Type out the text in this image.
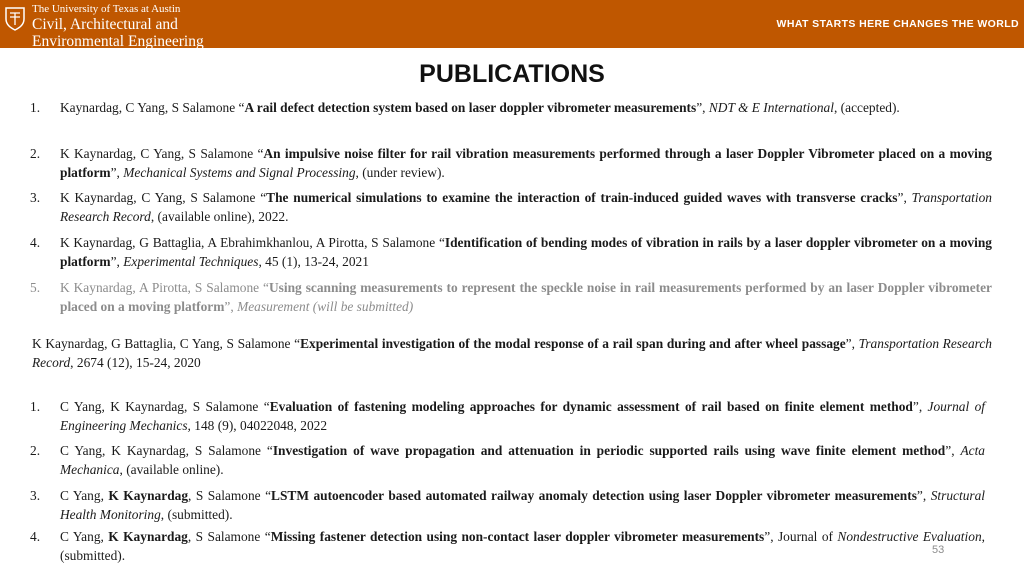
The University of Texas at Austin
Civil, Architectural and
Environmental Engineering
WHAT STARTS HERE CHANGES THE WORLD
PUBLICATIONS
1. Kaynardag, C Yang, S Salamone “A rail defect detection system based on laser doppler vibrometer measurements”, NDT & E International, (accepted).
2. K Kaynardag, C Yang, S Salamone “An impulsive noise filter for rail vibration measurements performed through a laser Doppler Vibrometer placed on a moving platform”, Mechanical Systems and Signal Processing, (under review).
3. K Kaynardag, C Yang, S Salamone “The numerical simulations to examine the interaction of train-induced guided waves with transverse cracks”, Transportation Research Record, (available online), 2022.
4. K Kaynardag, G Battaglia, A Ebrahimkhanlou, A Pirotta, S Salamone “Identification of bending modes of vibration in rails by a laser doppler vibrometer on a moving platform”, Experimental Techniques, 45 (1), 13-24, 2021
5. K Kaynardag, A Pirotta, S Salamone “Using scanning measurements to represent the speckle noise in rail measurements performed by an laser Doppler vibrometer placed on a moving platform”, Measurement (will be submitted)
K Kaynardag, G Battaglia, C Yang, S Salamone “Experimental investigation of the modal response of a rail span during and after wheel passage”, Transportation Research Record, 2674 (12), 15-24, 2020
1. C Yang, K Kaynardag, S Salamone “Evaluation of fastening modeling approaches for dynamic assessment of rail based on finite element method”, Journal of Engineering Mechanics, 148 (9), 04022048, 2022
2. C Yang, K Kaynardag, S Salamone “Investigation of wave propagation and attenuation in periodic supported rails using wave finite element method”, Acta Mechanica, (available online).
3. C Yang, K Kaynardag, S Salamone “LSTM autoencoder based automated railway anomaly detection using laser Doppler vibrometer measurements”, Structural Health Monitoring, (submitted).
4. C Yang, K Kaynardag, S Salamone “Missing fastener detection using non-contact laser doppler vibrometer measurements”, Journal of Nondestructive Evaluation, (submitted).	53
